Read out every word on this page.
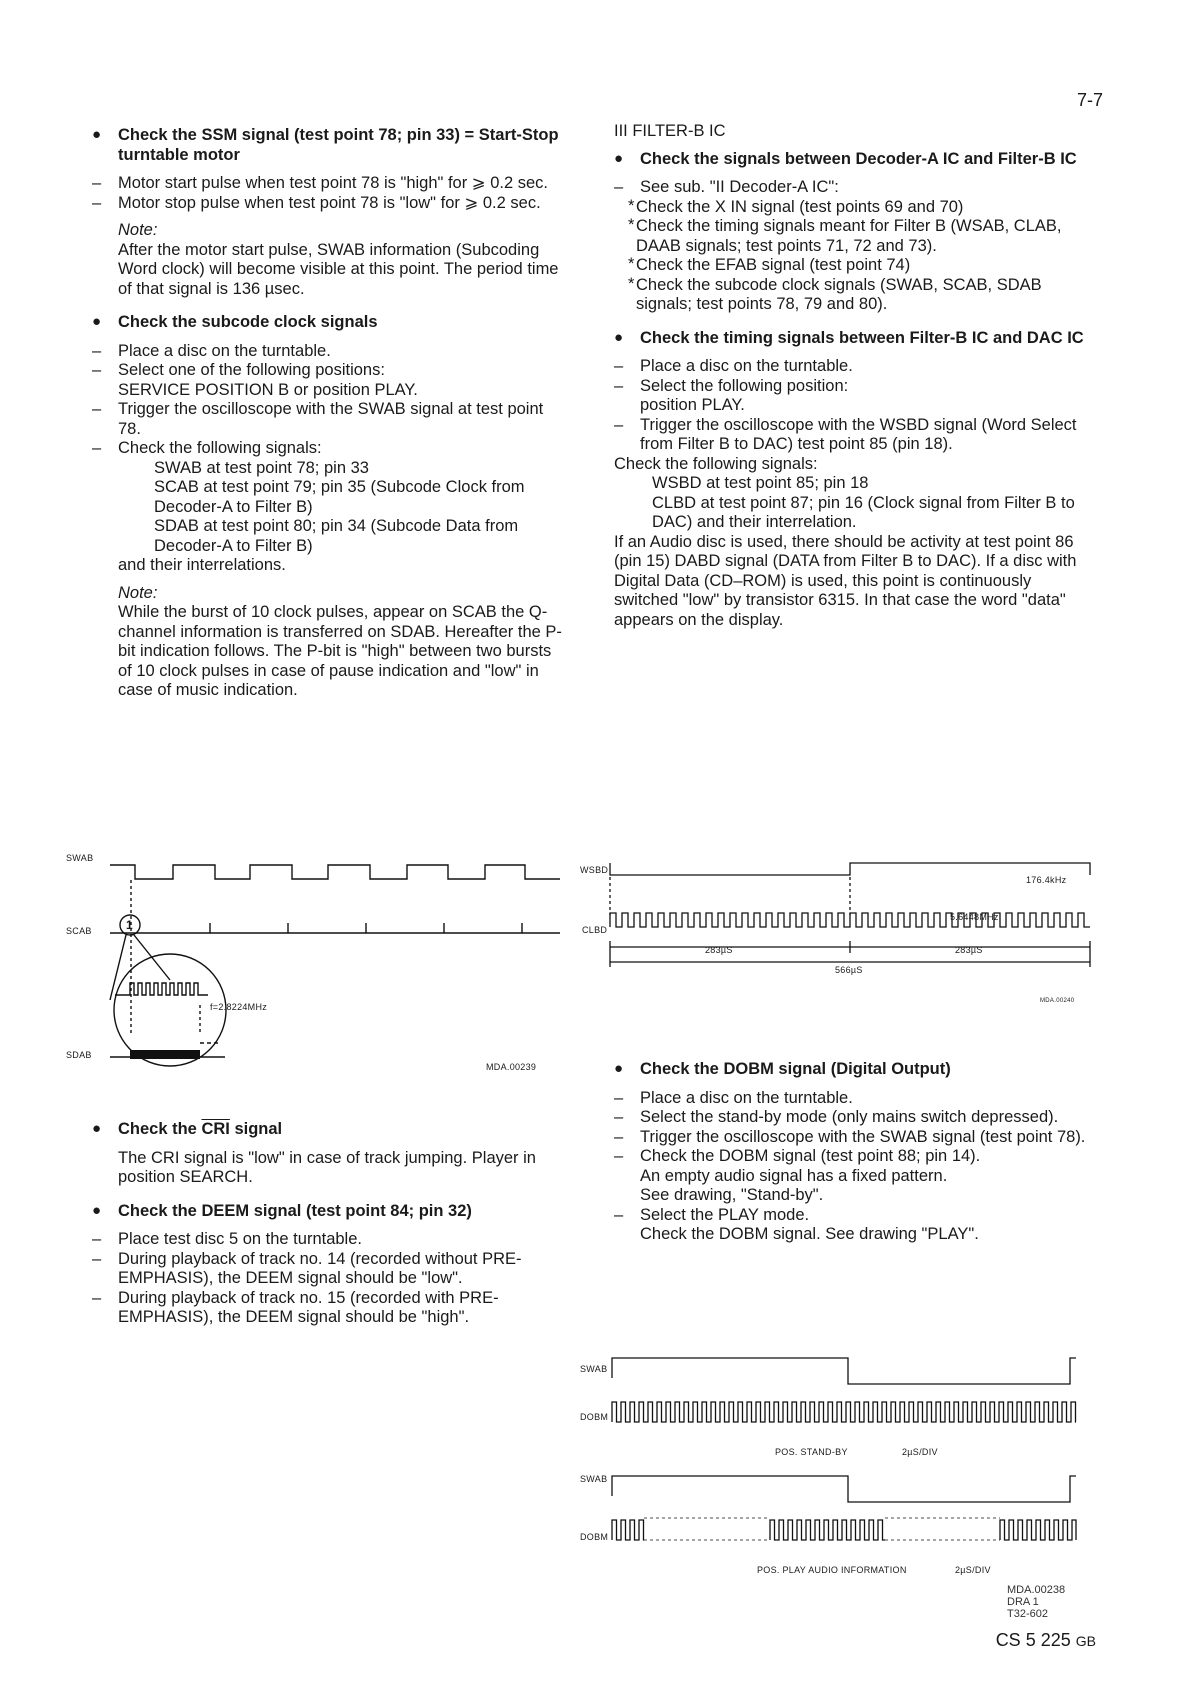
7-7
● Check the SSM signal (test point 78; pin 33) = Start-Stop turntable motor
– Motor start pulse when test point 78 is "high" for ⩾ 0.2 sec.
– Motor stop pulse when test point 78 is "low" for ⩾ 0.2 sec.
Note:
After the motor start pulse, SWAB information (Subcoding Word clock) will become visible at this point. The period time of that signal is 136 µsec.
● Check the subcode clock signals
– Place a disc on the turntable.
– Select one of the following positions:
SERVICE POSITION B or position PLAY.
– Trigger the oscilloscope with the SWAB signal at test point 78.
– Check the following signals:
SWAB at test point 78; pin 33
SCAB at test point 79; pin 35 (Subcode Clock from Decoder-A to Filter B)
SDAB at test point 80; pin 34 (Subcode Data from Decoder-A to Filter B)
and their interrelations.
Note:
While the burst of 10 clock pulses, appear on SCAB the Q-channel information is transferred on SDAB. Hereafter the P-bit indication follows. The P-bit is "high" between two bursts of 10 clock pulses in case of pause indication and "low" in case of music indication.
SWAB
SCAB
SDAB
1
f=2.8224MHz
MDA.00239
● Check the $\overline{CRI}$ signal
The CRI signal is "low" in case of track jumping. Player in position SEARCH.
● Check the DEEM signal (test point 84; pin 32)
– Place test disc 5 on the turntable.
– During playback of track no. 14 (recorded without PRE-EMPHASIS), the DEEM signal should be "low".
– During playback of track no. 15 (recorded with PRE-EMPHASIS), the DEEM signal should be "high".
III FILTER-B IC
● Check the signals between Decoder-A IC and Filter-B IC
– See sub. "II Decoder-A IC":
* Check the X IN signal (test points 69 and 70)
* Check the timing signals meant for Filter B (WSAB, CLAB, DAAB signals; test points 71, 72 and 73).
* Check the EFAB signal (test point 74)
* Check the subcode clock signals (SWAB, SCAB, SDAB signals; test points 78, 79 and 80).
● Check the timing signals between Filter-B IC and DAC IC
– Place a disc on the turntable.
– Select the following position:
position PLAY.
– Trigger the oscilloscope with the WSBD signal (Word Select from Filter B to DAC) test point 85 (pin 18).
Check the following signals:
WSBD at test point 85; pin 18
CLBD at test point 87; pin 16 (Clock signal from Filter B to DAC) and their interrelation.
If an Audio disc is used, there should be activity at test point 86 (pin 15) DABD signal (DATA from Filter B to DAC). If a disc with Digital Data (CD–ROM) is used, this point is continuously switched "low" by transistor 6315. In that case the word "data" appears on the display.
WSBD
CLBD
176.4kHz
5.6448MHz
283µS	283µS
566µS
MDA.00240
● Check the DOBM signal (Digital Output)
– Place a disc on the turntable.
– Select the stand-by mode (only mains switch depressed).
– Trigger the oscilloscope with the SWAB signal (test point 78).
– Check the DOBM signal (test point 88; pin 14).
An empty audio signal has a fixed pattern.
See drawing, "Stand-by".
– Select the PLAY mode.
Check the DOBM signal. See drawing "PLAY".
SWAB
DOBM
POS. STAND-BY	2µS/DIV
SWAB
DOBM
POS. PLAY AUDIO INFORMATION	2µS/DIV
MDA.00238
DRA 1
T32-602
CS 5 225 GB
